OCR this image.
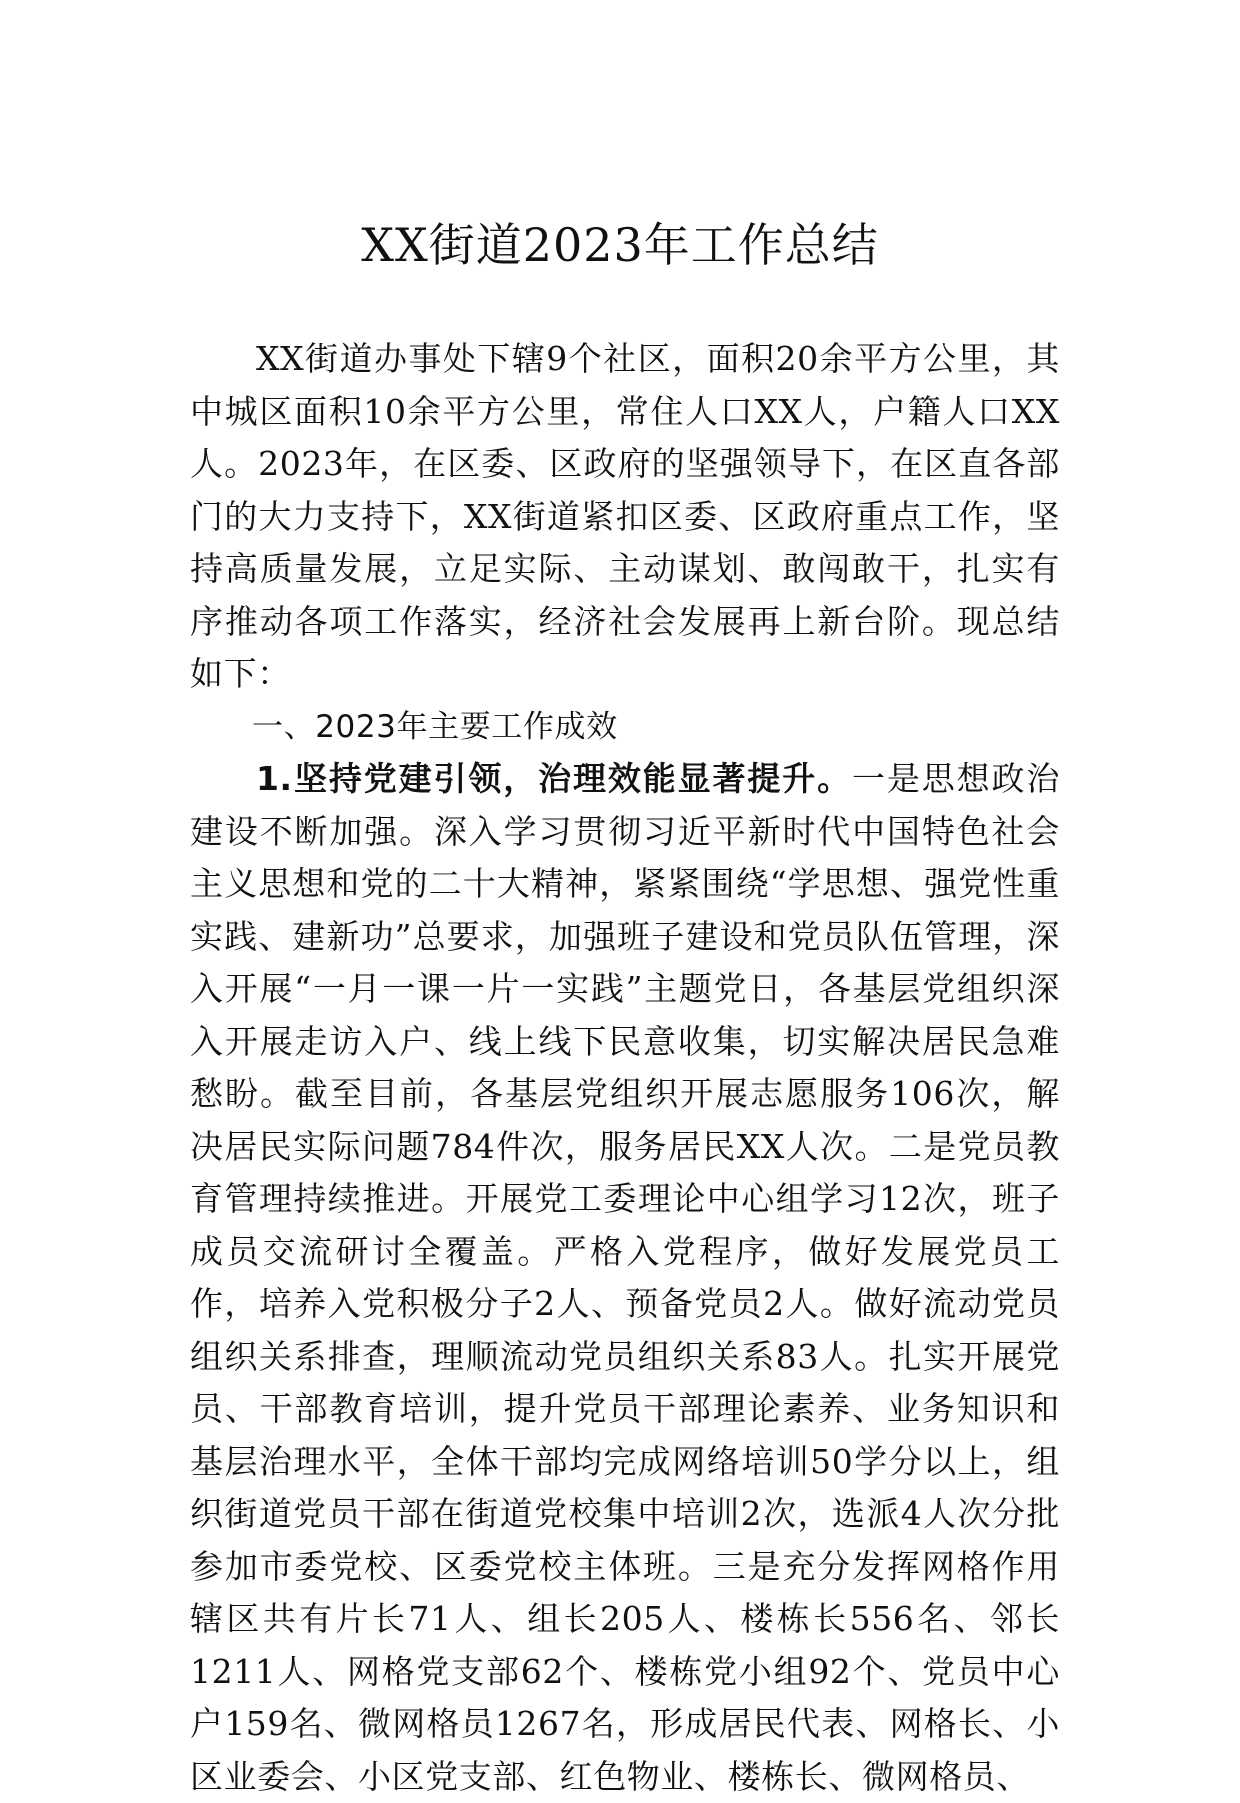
XX街道2023年工作总结

XX街道办事处下辖9个社区，面积20余平方公里，其中城区面积10余平方公里，常住人口XX人，户籍人口XX人。2023年，在区委、区政府的坚强领导下，在区直各部门的大力支持下，XX街道紧扣区委、区政府重点工作，坚持高质量发展，立足实际、主动谋划、敢闯敢干，扎实有序推动各项工作落实，经济社会发展再上新台阶。现总结如下：

一、2023年主要工作成效

1.坚持党建引领，治理效能显著提升。一是思想政治建设不断加强。深入学习贯彻习近平新时代中国特色社会主义思想和党的二十大精神，紧紧围绕“学思想、强党性重实践、建新功”总要求，加强班子建设和党员队伍管理，深入开展“一月一课一片一实践”主题党日，各基层党组织深入开展走访入户、线上线下民意收集，切实解决居民急难愁盼。截至目前，各基层党组织开展志愿服务106次，解决居民实际问题784件次，服务居民XX人次。二是党员教育管理持续推进。开展党工委理论中心组学习12次，班子成员交流研讨全覆盖。严格入党程序，做好发展党员工作，培养入党积极分子2人、预备党员2人。做好流动党员组织关系排查，理顺流动党员组织关系83人。扎实开展党员、干部教育培训，提升党员干部理论素养、业务知识和基层治理水平，全体干部均完成网络培训50学分以上，组织街道党员干部在街道党校集中培训2次，选派4人次分批参加市委党校、区委党校主体班。三是充分发挥网格作用辖区共有片长71人、组长205人、楼栋长556名、邻长1211人、网格党支部62个、楼栋党小组92个、党员中心户159名、微网格员1267名，形成居民代表、网格长、小区业委会、小区党支部、红色物业、楼栋长、微网格员、
